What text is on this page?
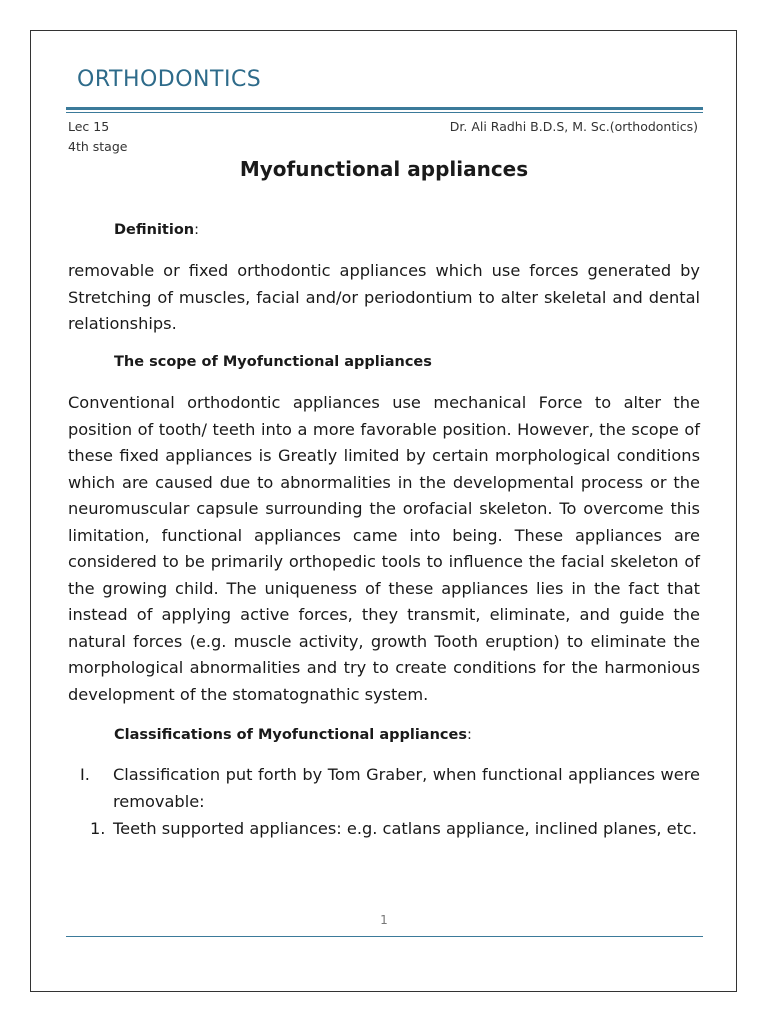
ORTHODONTICS
Lec 15
4th stage
Dr. Ali Radhi B.D.S, M. Sc.(orthodontics)
Myofunctional appliances
Definition:
removable or fixed orthodontic appliances which use forces generated by Stretching of muscles, facial and/or periodontium to alter skeletal and dental relationships.
The scope of Myofunctional appliances
Conventional orthodontic appliances use mechanical Force to alter the position of tooth/ teeth into a more favorable position. However, the scope of these fixed appliances is Greatly limited by certain morphological conditions which are caused due to abnormalities in the developmental process or the neuromuscular capsule surrounding the orofacial skeleton. To overcome this limitation, functional appliances came into being. These appliances are considered to be primarily orthopedic tools to influence the facial skeleton of the growing child. The uniqueness of these appliances lies in the fact that instead of applying active forces, they transmit, eliminate, and guide the natural forces (e.g. muscle activity, growth Tooth eruption) to eliminate the morphological abnormalities and try to create conditions for the harmonious development of the stomatognathic system.
Classifications of Myofunctional appliances:
I. Classification put forth by Tom Graber, when functional appliances were removable:
1. Teeth supported appliances: e.g. catlans appliance, inclined planes, etc.
1
